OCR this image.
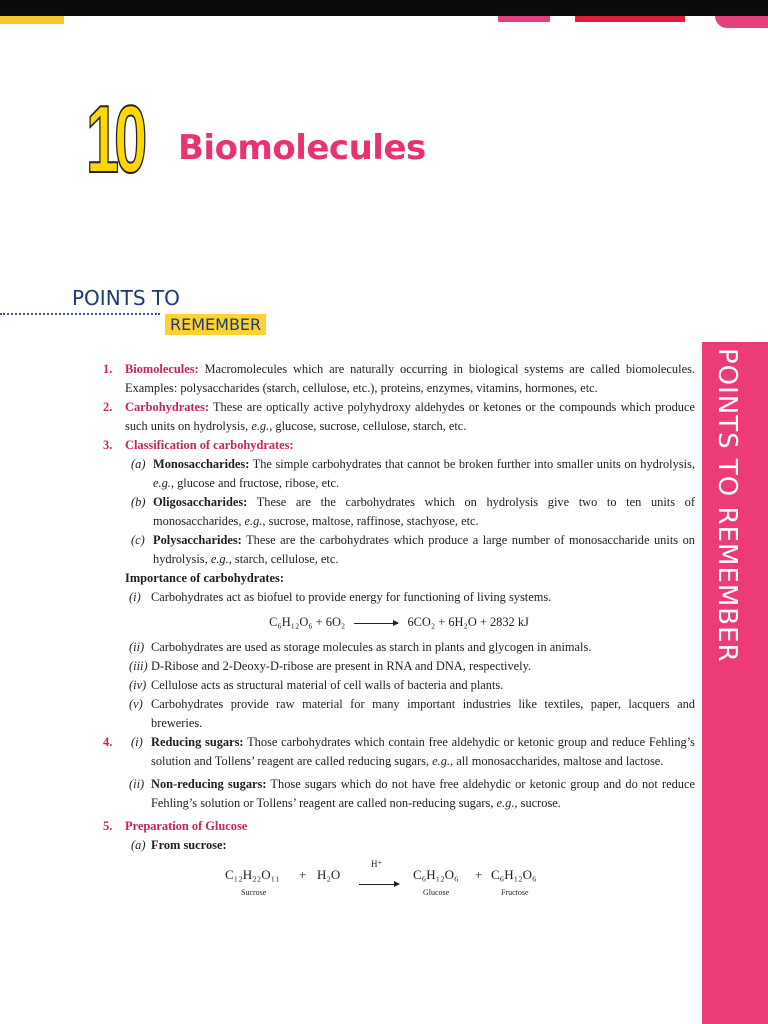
10 Biomolecules
POINTS TO
REMEMBER
POINTS TO REMEMBER
1. Biomolecules: Macromolecules which are naturally occurring in biological systems are called biomolecules. Examples: polysaccharides (starch, cellulose, etc.), proteins, enzymes, vitamins, hormones, etc.
2. Carbohydrates: These are optically active polyhydroxy aldehydes or ketones or the compounds which produce such units on hydrolysis, e.g., glucose, sucrose, cellulose, starch, etc.
3. Classification of carbohydrates:
(a) Monosaccharides: The simple carbohydrates that cannot be broken further into smaller units on hydrolysis, e.g., glucose and fructose, ribose, etc.
(b) Oligosaccharides: These are the carbohydrates which on hydrolysis give two to ten units of monosaccharides, e.g., sucrose, maltose, raffinose, stachyose, etc.
(c) Polysaccharides: These are the carbohydrates which produce a large number of monosaccharide units on hydrolysis, e.g., starch, cellulose, etc.
Importance of carbohydrates:
(i) Carbohydrates act as biofuel to provide energy for functioning of living systems.
C₆H₁₂O₆ + 6O₂ → 6CO₂ + 6H₂O + 2832 kJ
(ii) Carbohydrates are used as storage molecules as starch in plants and glycogen in animals.
(iii) D-Ribose and 2-Deoxy-D-ribose are present in RNA and DNA, respectively.
(iv) Cellulose acts as structural material of cell walls of bacteria and plants.
(v) Carbohydrates provide raw material for many important industries like textiles, paper, lacquers and breweries.
4. (i) Reducing sugars: Those carbohydrates which contain free aldehydic or ketonic group and reduce Fehling’s solution and Tollens’ reagent are called reducing sugars, e.g., all monosaccharides, maltose and lactose.
(ii) Non-reducing sugars: Those sugars which do not have free aldehydic or ketonic group and do not reduce Fehling’s solution or Tollens’ reagent are called non-reducing sugars, e.g., sucrose.
5. Preparation of Glucose
(a) From sucrose:
C₁₂H₂₂O₁₁
Sucrose
+ H₂O
H⁺
→ C₆H₁₂O₆
Glucose
+ C₆H₁₂O₆
Fructose
